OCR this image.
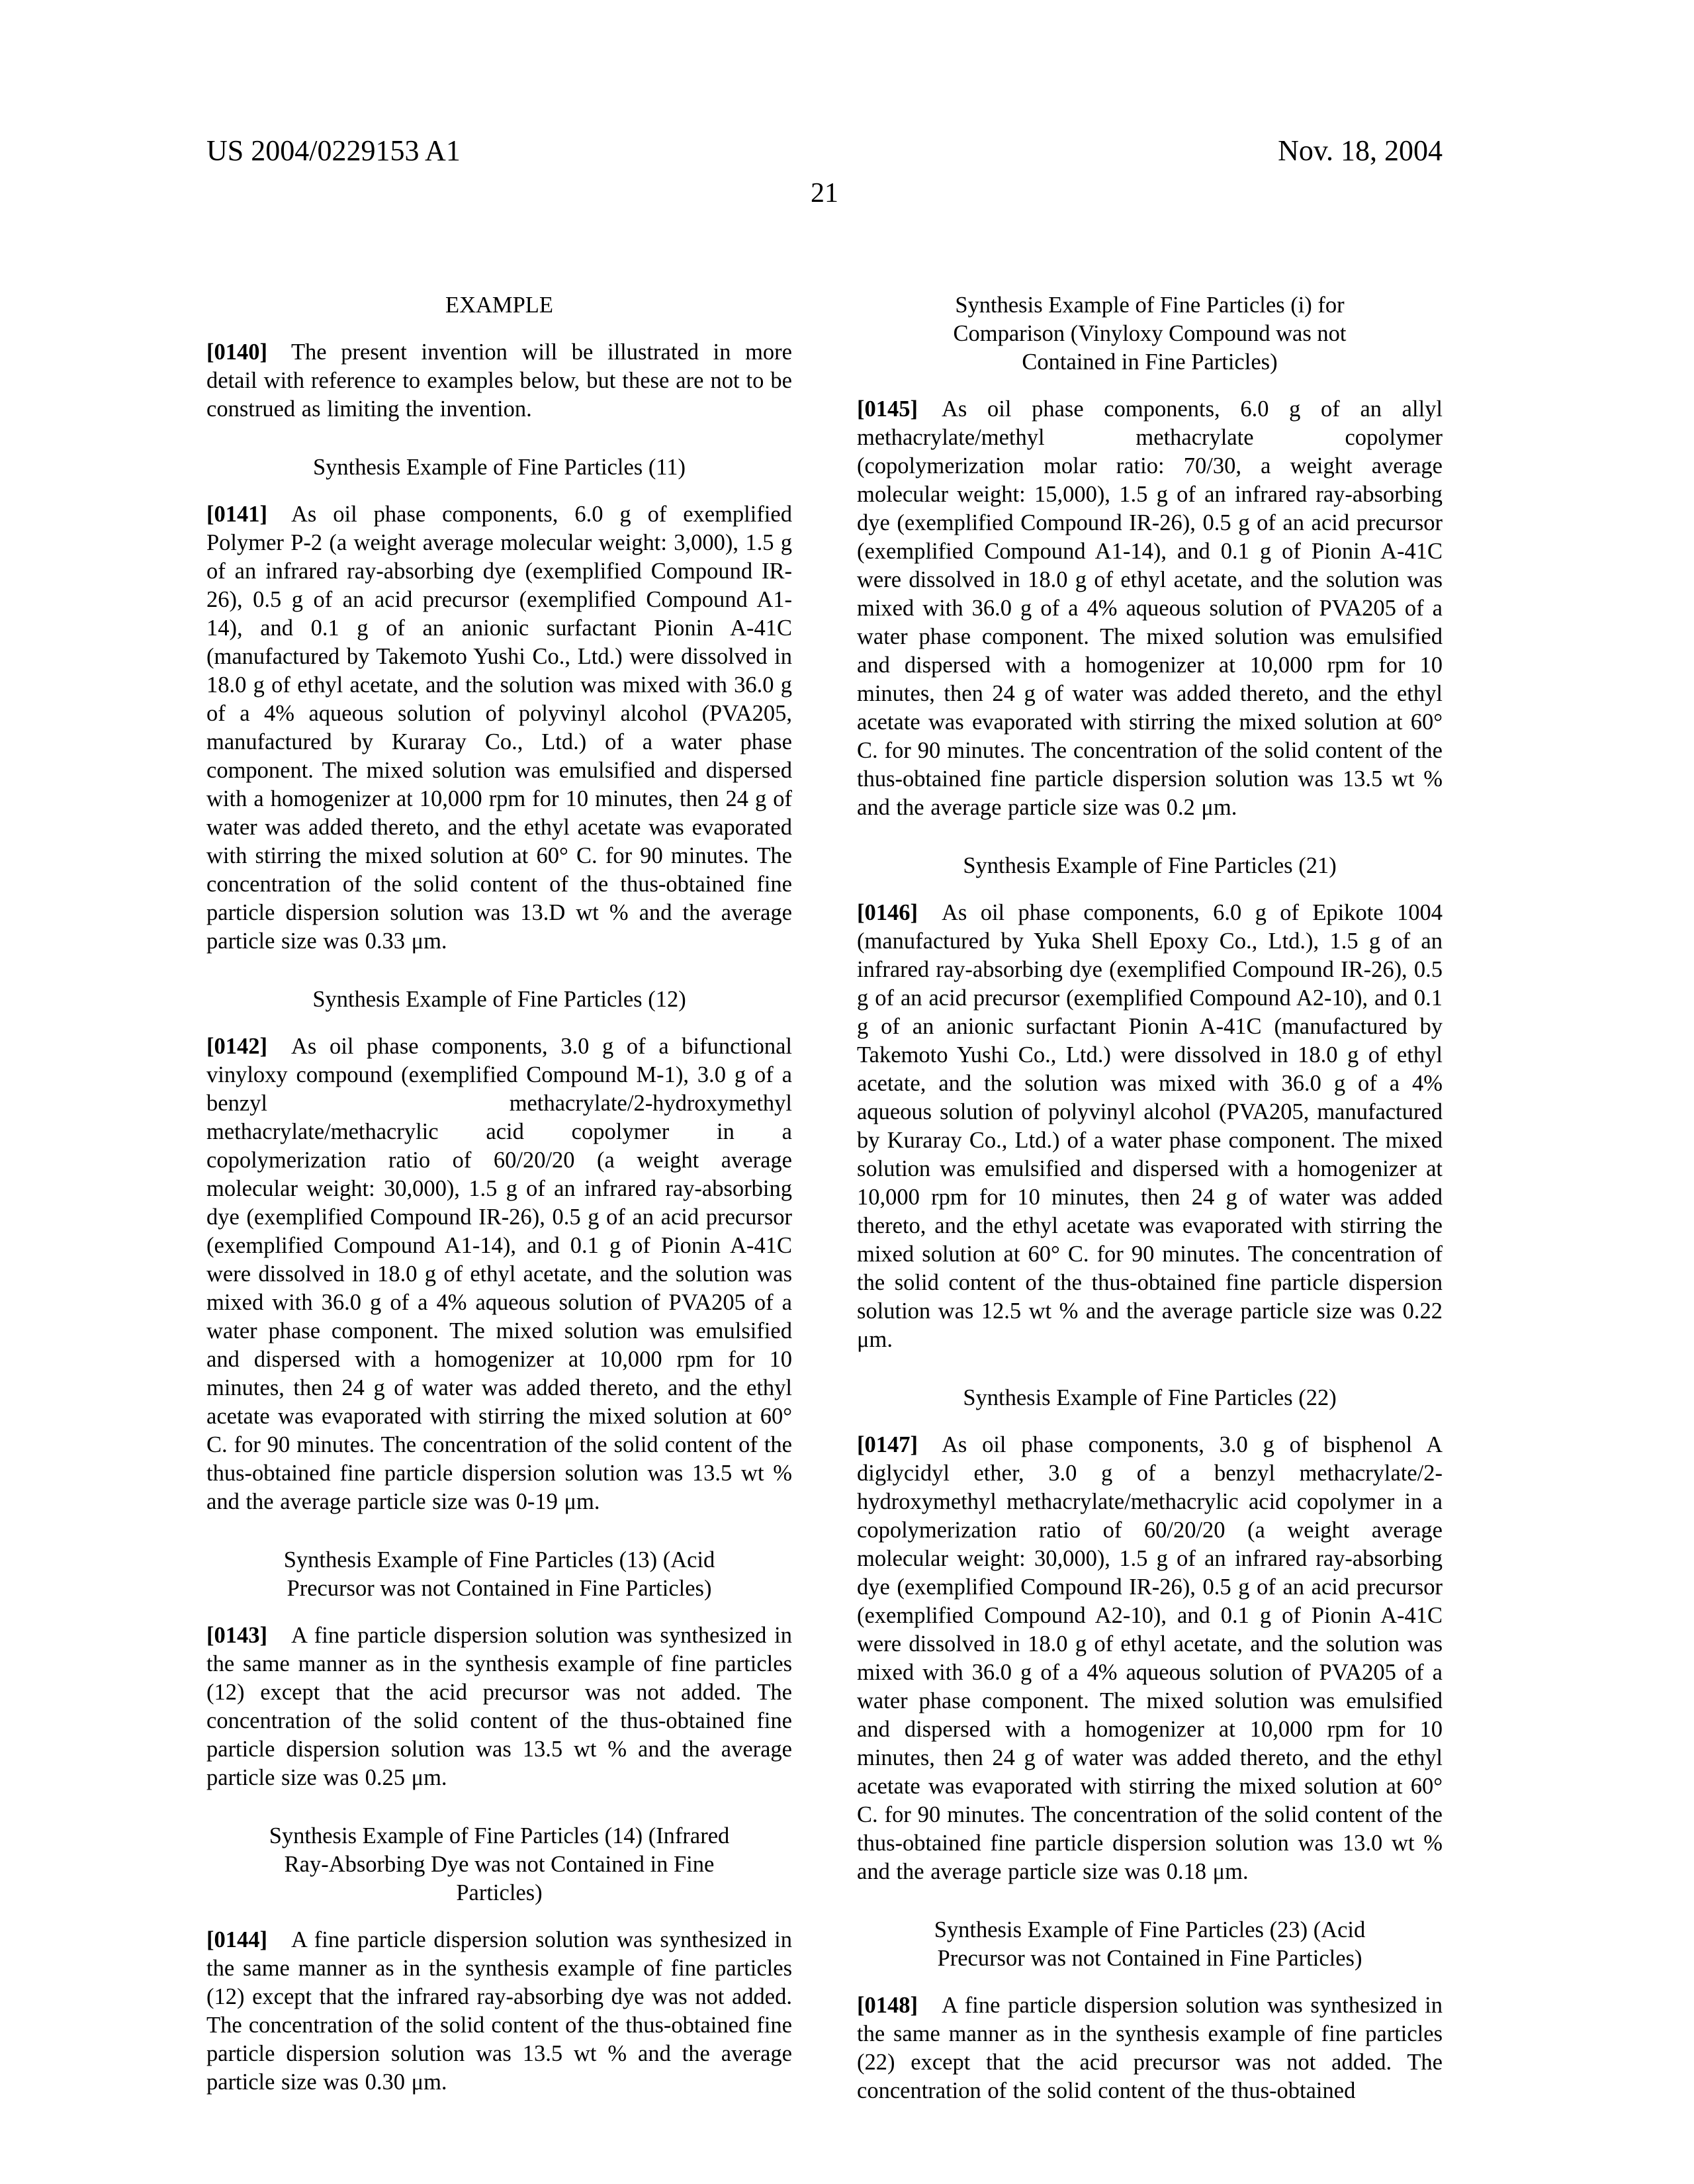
US 2004/0229153 A1	Nov. 18, 2004
21
EXAMPLE

[0140] The present invention will be illustrated in more detail with reference to examples below, but these are not to be construed as limiting the invention.

Synthesis Example of Fine Particles (11)

[0141] As oil phase components, 6.0 g of exemplified Polymer P-2 (a weight average molecular weight: 3,000), 1.5 g of an infrared ray-absorbing dye (exemplified Compound IR-26), 0.5 g of an acid precursor (exemplified Compound A1-14), and 0.1 g of an anionic surfactant Pionin A-41C (manufactured by Takemoto Yushi Co., Ltd.) were dissolved in 18.0 g of ethyl acetate, and the solution was mixed with 36.0 g of a 4% aqueous solution of polyvinyl alcohol (PVA205, manufactured by Kuraray Co., Ltd.) of a water phase component. The mixed solution was emulsified and dispersed with a homogenizer at 10,000 rpm for 10 minutes, then 24 g of water was added thereto, and the ethyl acetate was evaporated with stirring the mixed solution at 60° C. for 90 minutes. The concentration of the solid content of the thus-obtained fine particle dispersion solution was 13.D wt % and the average particle size was 0.33 μm.

Synthesis Example of Fine Particles (12)

[0142] As oil phase components, 3.0 g of a bifunctional vinyloxy compound (exemplified Compound M-1), 3.0 g of a benzyl methacrylate/2-hydroxymethyl methacrylate/methacrylic acid copolymer in a copolymerization ratio of 60/20/20 (a weight average molecular weight: 30,000), 1.5 g of an infrared ray-absorbing dye (exemplified Compound IR-26), 0.5 g of an acid precursor (exemplified Compound A1-14), and 0.1 g of Pionin A-41C were dissolved in 18.0 g of ethyl acetate, and the solution was mixed with 36.0 g of a 4% aqueous solution of PVA205 of a water phase component. The mixed solution was emulsified and dispersed with a homogenizer at 10,000 rpm for 10 minutes, then 24 g of water was added thereto, and the ethyl acetate was evaporated with stirring the mixed solution at 60° C. for 90 minutes. The concentration of the solid content of the thus-obtained fine particle dispersion solution was 13.5 wt % and the average particle size was 0-19 μm.

Synthesis Example of Fine Particles (13) (Acid
Precursor was not Contained in Fine Particles)

[0143] A fine particle dispersion solution was synthesized in the same manner as in the synthesis example of fine particles (12) except that the acid precursor was not added. The concentration of the solid content of the thus-obtained fine particle dispersion solution was 13.5 wt % and the average particle size was 0.25 μm.

Synthesis Example of Fine Particles (14) (Infrared
Ray-Absorbing Dye was not Contained in Fine
Particles)

[0144] A fine particle dispersion solution was synthesized in the same manner as in the synthesis example of fine particles (12) except that the infrared ray-absorbing dye was not added. The concentration of the solid content of the thus-obtained fine particle dispersion solution was 13.5 wt % and the average particle size was 0.30 μm.

Synthesis Example of Fine Particles (i) for
Comparison (Vinyloxy Compound was not
Contained in Fine Particles)

[0145] As oil phase components, 6.0 g of an allyl methacrylate/methyl methacrylate copolymer (copolymerization molar ratio: 70/30, a weight average molecular weight: 15,000), 1.5 g of an infrared ray-absorbing dye (exemplified Compound IR-26), 0.5 g of an acid precursor (exemplified Compound A1-14), and 0.1 g of Pionin A-41C were dissolved in 18.0 g of ethyl acetate, and the solution was mixed with 36.0 g of a 4% aqueous solution of PVA205 of a water phase component. The mixed solution was emulsified and dispersed with a homogenizer at 10,000 rpm for 10 minutes, then 24 g of water was added thereto, and the ethyl acetate was evaporated with stirring the mixed solution at 60° C. for 90 minutes. The concentration of the solid content of the thus-obtained fine particle dispersion solution was 13.5 wt % and the average particle size was 0.2 μm.

Synthesis Example of Fine Particles (21)

[0146] As oil phase components, 6.0 g of Epikote 1004 (manufactured by Yuka Shell Epoxy Co., Ltd.), 1.5 g of an infrared ray-absorbing dye (exemplified Compound IR-26), 0.5 g of an acid precursor (exemplified Compound A2-10), and 0.1 g of an anionic surfactant Pionin A-41C (manufactured by Takemoto Yushi Co., Ltd.) were dissolved in 18.0 g of ethyl acetate, and the solution was mixed with 36.0 g of a 4% aqueous solution of polyvinyl alcohol (PVA205, manufactured by Kuraray Co., Ltd.) of a water phase component. The mixed solution was emulsified and dispersed with a homogenizer at 10,000 rpm for 10 minutes, then 24 g of water was added thereto, and the ethyl acetate was evaporated with stirring the mixed solution at 60° C. for 90 minutes. The concentration of the solid content of the thus-obtained fine particle dispersion solution was 12.5 wt % and the average particle size was 0.22 μm.

Synthesis Example of Fine Particles (22)

[0147] As oil phase components, 3.0 g of bisphenol A diglycidyl ether, 3.0 g of a benzyl methacrylate/2-hydroxymethyl methacrylate/methacrylic acid copolymer in a copolymerization ratio of 60/20/20 (a weight average molecular weight: 30,000), 1.5 g of an infrared ray-absorbing dye (exemplified Compound IR-26), 0.5 g of an acid precursor (exemplified Compound A2-10), and 0.1 g of Pionin A-41C were dissolved in 18.0 g of ethyl acetate, and the solution was mixed with 36.0 g of a 4% aqueous solution of PVA205 of a water phase component. The mixed solution was emulsified and dispersed with a homogenizer at 10,000 rpm for 10 minutes, then 24 g of water was added thereto, and the ethyl acetate was evaporated with stirring the mixed solution at 60° C. for 90 minutes. The concentration of the solid content of the thus-obtained fine particle dispersion solution was 13.0 wt % and the average particle size was 0.18 μm.

Synthesis Example of Fine Particles (23) (Acid
Precursor was not Contained in Fine Particles)

[0148] A fine particle dispersion solution was synthesized in the same manner as in the synthesis example of fine particles (22) except that the acid precursor was not added. The concentration of the solid content of the thus-obtained
